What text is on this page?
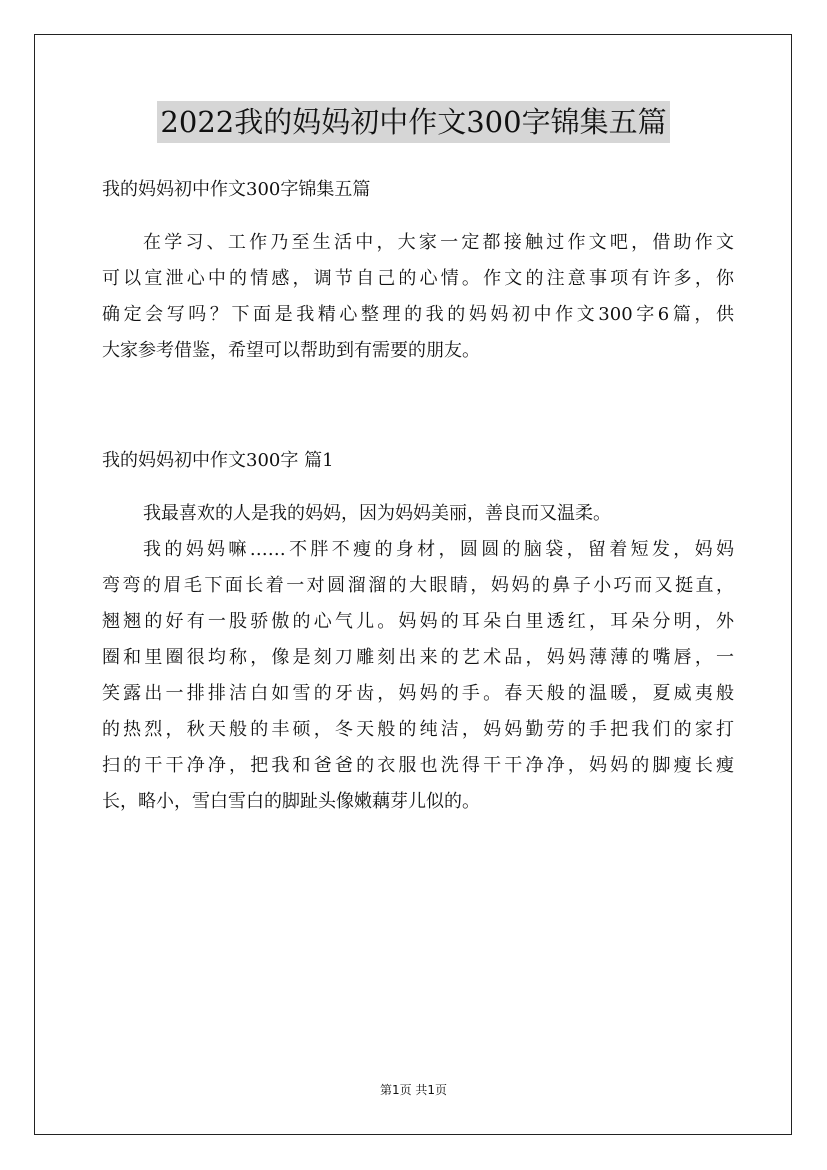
2022我的妈妈初中作文300字锦集五篇
我的妈妈初中作文300字锦集五篇
在学习、工作乃至生活中，大家一定都接触过作文吧，借助作文
可以宣泄心中的情感，调节自己的心情。作文的注意事项有许多，你
确定会写吗？下面是我精心整理的我的妈妈初中作文300字6篇，供
大家参考借鉴，希望可以帮助到有需要的朋友。
我的妈妈初中作文300字 篇1
我最喜欢的人是我的妈妈，因为妈妈美丽，善良而又温柔。
我的妈妈嘛……不胖不瘦的身材，圆圆的脑袋，留着短发，妈妈
弯弯的眉毛下面长着一对圆溜溜的大眼睛，妈妈的鼻子小巧而又挺直，
翘翘的好有一股骄傲的心气儿。妈妈的耳朵白里透红，耳朵分明，外
圈和里圈很均称，像是刻刀雕刻出来的艺术品，妈妈薄薄的嘴唇，一
笑露出一排排洁白如雪的牙齿，妈妈的手。春天般的温暖，夏威夷般
的热烈，秋天般的丰硕，冬天般的纯洁，妈妈勤劳的手把我们的家打
扫的干干净净，把我和爸爸的衣服也洗得干干净净，妈妈的脚瘦长瘦
长，略小，雪白雪白的脚趾头像嫩藕芽儿似的。
第1页 共1页
